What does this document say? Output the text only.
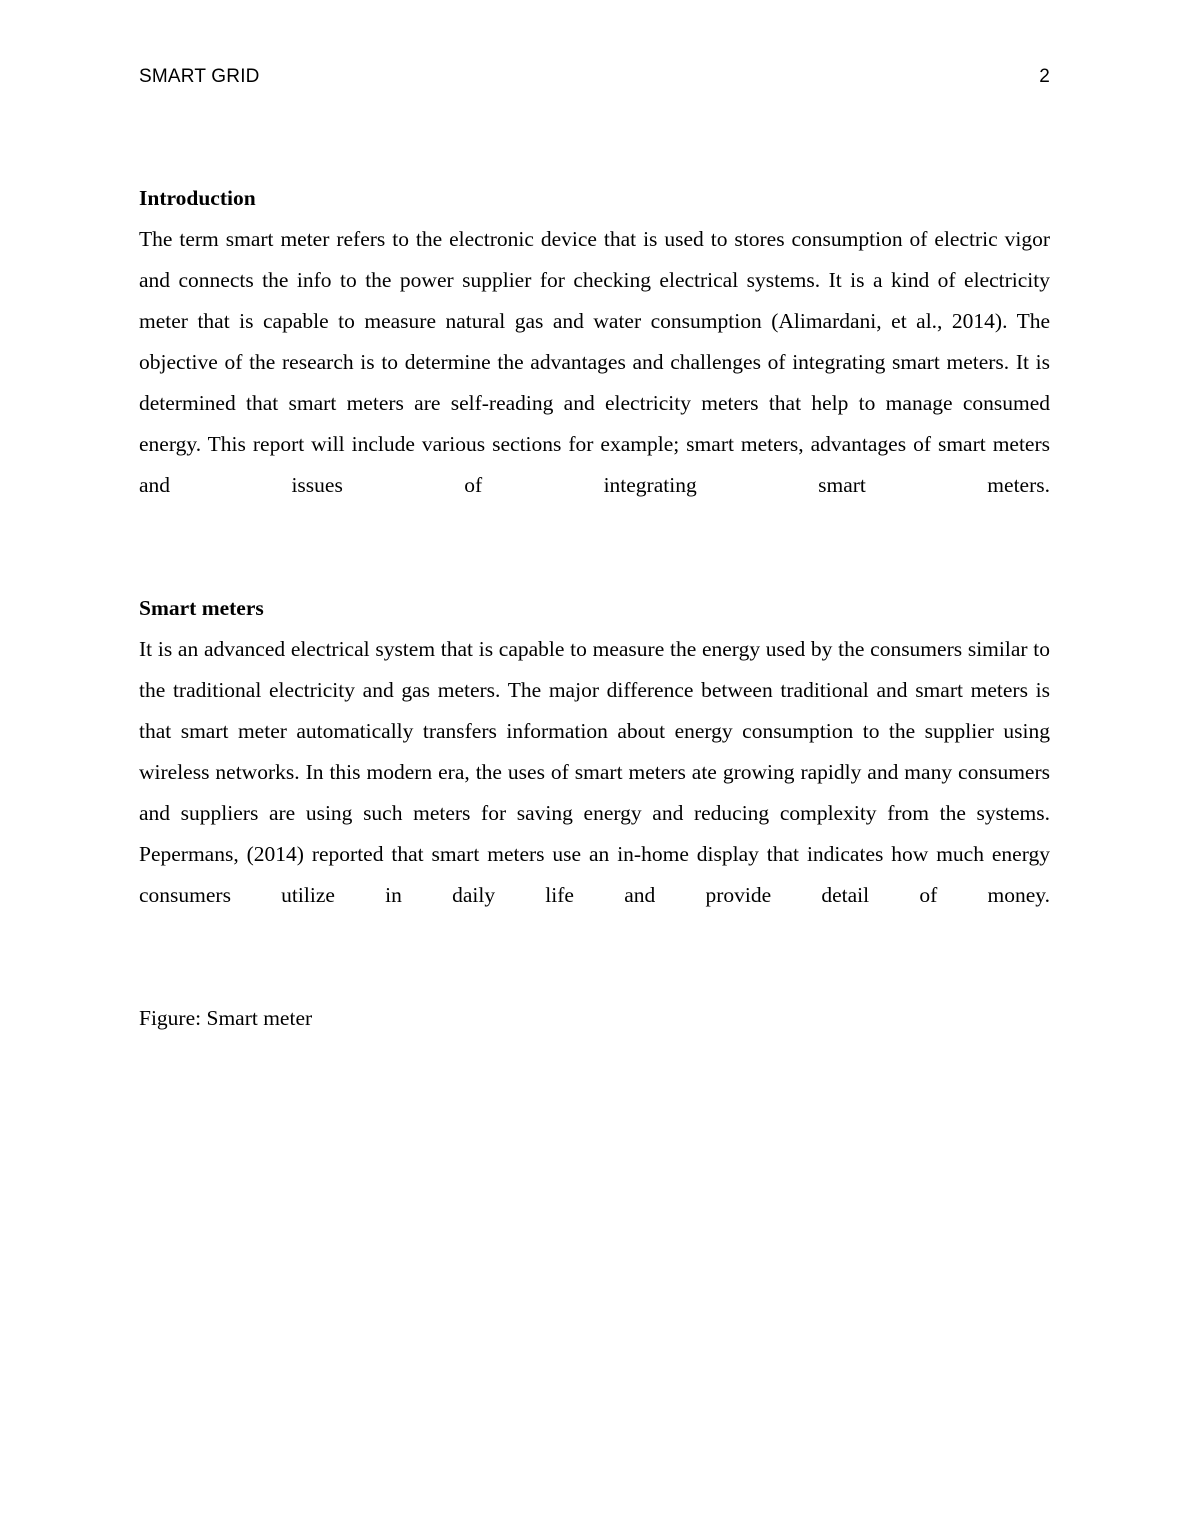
SMART GRID	2
Introduction

The term smart meter refers to the electronic device that is used to stores consumption of electric vigor and connects the info to the power supplier for checking electrical systems. It is a kind of electricity meter that is capable to measure natural gas and water consumption (Alimardani, et al., 2014). The objective of the research is to determine the advantages and challenges of integrating smart meters. It is determined that smart meters are self-reading and electricity meters that help to manage consumed energy. This report will include various sections for example; smart meters, advantages of smart meters and issues of integrating smart meters.

Smart meters

It is an advanced electrical system that is capable to measure the energy used by the consumers similar to the traditional electricity and gas meters. The major difference between traditional and smart meters is that smart meter automatically transfers information about energy consumption to the supplier using wireless networks. In this modern era, the uses of smart meters ate growing rapidly and many consumers and suppliers are using such meters for saving energy and reducing complexity from the systems. Pepermans, (2014) reported that smart meters use an in-home display that indicates how much energy consumers utilize in daily life and provide detail of money.

Figure: Smart meter
